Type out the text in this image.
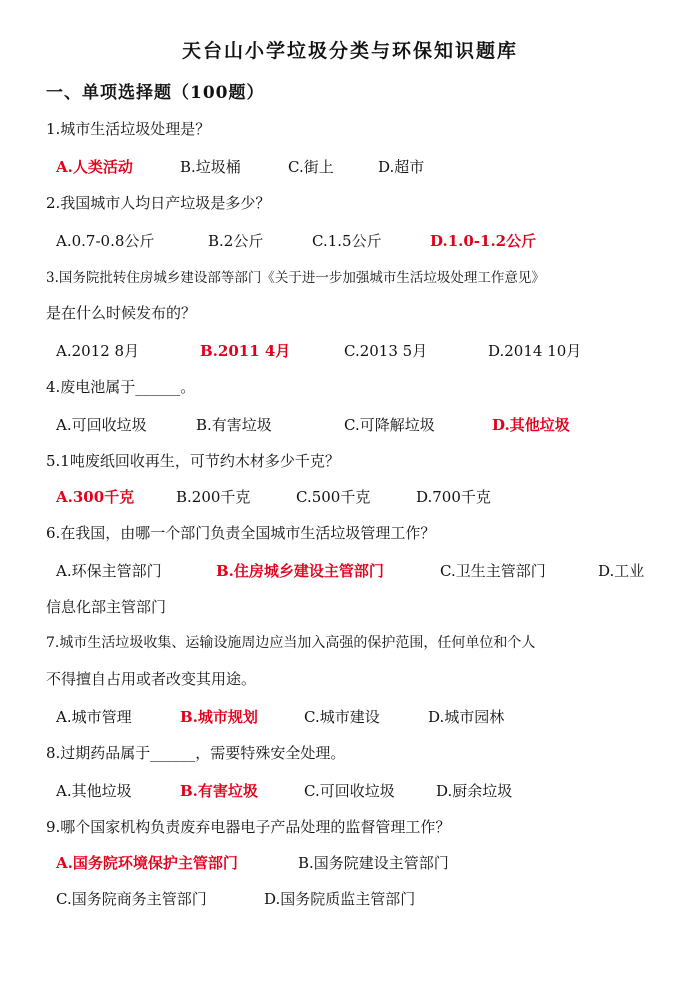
天台山小学垃圾分类与环保知识题库
一、单项选择题（100题）
1.城市生活垃圾处理是？
A.人类活动	B.垃圾桶	C.街上	D.超市
2.我国城市人均日产垃圾是多少？
A.0.7-0.8公斤	B.2公斤	C.1.5公斤	D.1.0-1.2公斤
3.国务院批转住房城乡建设部等部门《关于进一步加强城市生活垃圾处理工作意见》
是在什么时候发布的？
A.2012 8月	B.2011 4月	C.2013 5月	D.2014 10月
4.废电池属于______。
A.可回收垃圾	B.有害垃圾	C.可降解垃圾	D.其他垃圾
5.1吨废纸回收再生，可节约木材多少千克？
A.300千克	B.200千克	C.500千克	D.700千克
6.在我国，由哪一个部门负责全国城市生活垃圾管理工作？
A.环保主管部门	B.住房城乡建设主管部门	C.卫生主管部门	D.工业
信息化部主管部门
7.城市生活垃圾收集、运输设施周边应当加入高强的保护范围，任何单位和个人
不得擅自占用或者改变其用途。
A.城市管理	B.城市规划	C.城市建设	D.城市园林
8.过期药品属于______，需要特殊安全处理。
A.其他垃圾	B.有害垃圾	C.可回收垃圾	D.厨余垃圾
9.哪个国家机构负责废弃电器电子产品处理的监督管理工作？
A.国务院环境保护主管部门	B.国务院建设主管部门
C.国务院商务主管部门	D.国务院质监主管部门
